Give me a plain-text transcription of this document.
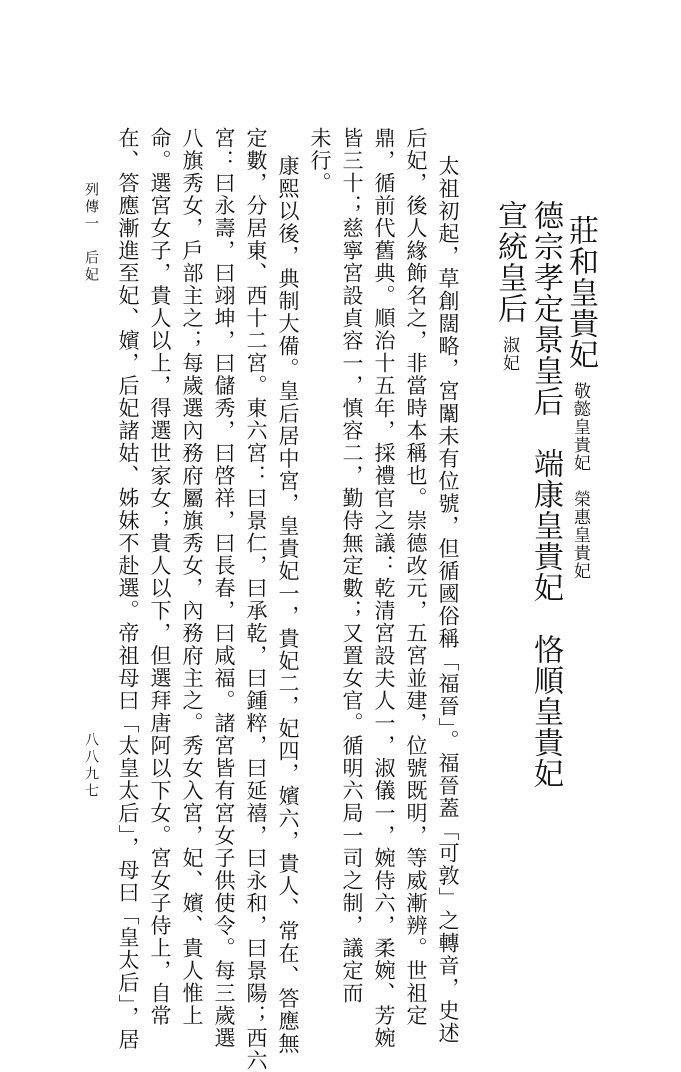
莊和皇貴妃敬懿皇貴妃　榮惠皇貴妃
德宗孝定景皇后　端康皇貴妃　恪順皇貴妃
宣統皇后淑妃

太祖初起，草創闊略，宮闈未有位號，但循國俗稱「福晉」。福晉蓋「可敦」之轉音，史述

后妃，後人緣飾名之，非當時本稱也。崇德改元，五宮並建，位號既明，等威漸辨。世祖定

鼎，循前代舊典。順治十五年，採禮官之議：乾清宮設夫人一，淑儀一，婉侍六，柔婉、芳婉

皆三十；慈寧宮設貞容一，慎容二，勤侍無定數；又置女官。循明六局一司之制，議定而

未行。

康熙以後，典制大備。皇后居中宮，皇貴妃一，貴妃二，妃四，嬪六，貴人、常在、答應無

定數，分居東、西十二宮。東六宮：曰景仁，曰承乾，曰鍾粹，曰延禧，曰永和，曰景陽；西六

宮：曰永壽，曰翊坤，曰儲秀，曰啓祥，曰長春，曰咸福。諸宮皆有宮女子供使令。每三歲選

八旗秀女，戶部主之；每歲選內務府屬旗秀女，內務府主之。秀女入宮，妃、嬪、貴人惟上

命。選宮女子，貴人以上，得選世家女；貴人以下，但選拜唐阿以下女。宮女子侍上，自常

在、答應漸進至妃、嬪，后妃諸姑、姊妹不赴選。帝祖母曰「太皇太后」，母曰「皇太后」，居

列傳一　后妃
八八九七
